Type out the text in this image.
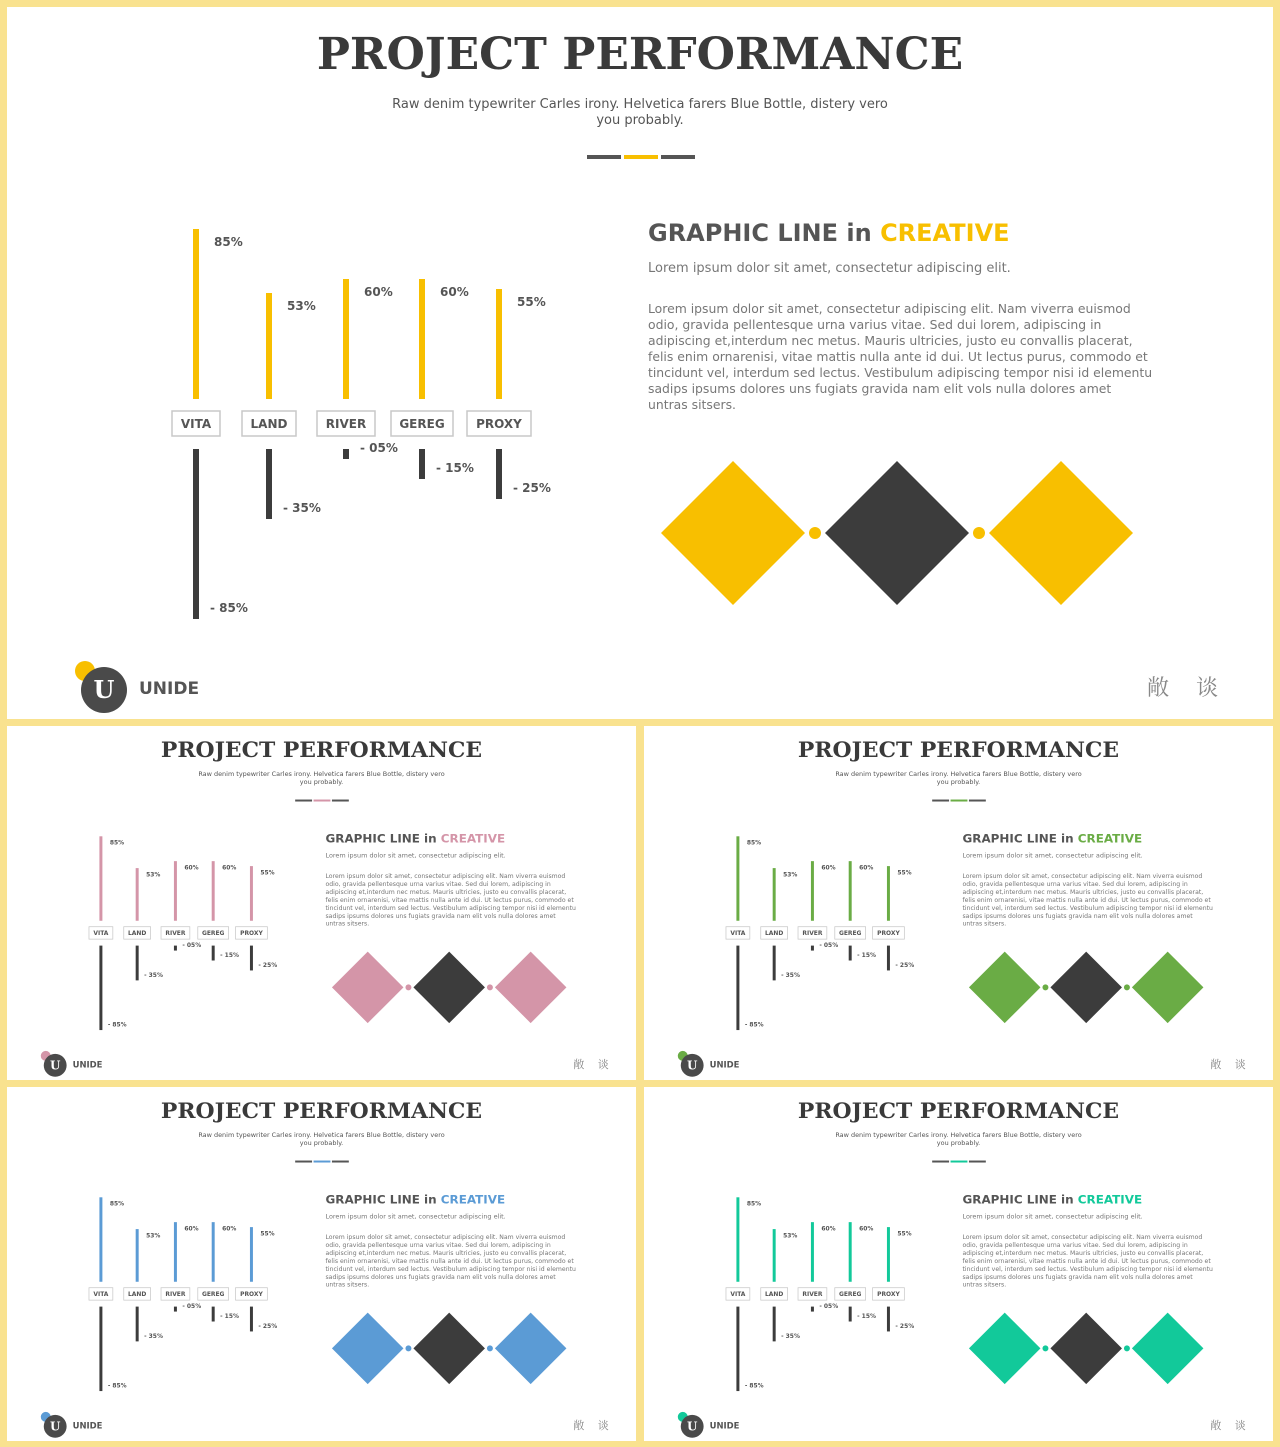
PROJECT PERFORMANCE
Raw denim typewriter Carles irony. Helvetica farers Blue Bottle, distery vero you probably.
85%
VITA
- 85%
53%
LAND
- 35%
60%
RIVER
- 05%
60%
GEREG
- 15%
55%
PROXY
- 25%
GRAPHIC LINE in CREATIVE
Lorem ipsum dolor sit amet, consectetur adipiscing elit.
Lorem ipsum dolor sit amet, consectetur adipiscing elit. Nam viverra euismod odio, gravida pellentesque urna varius vitae. Sed dui lorem, adipiscing in adipiscing et,interdum nec metus. Mauris ultricies, justo eu convallis placerat, felis enim ornarenisi, vitae mattis nulla ante id dui. Ut lectus purus, commodo et tincidunt vel, interdum sed lectus. Vestibulum adipiscing tempor nisi id elementu sadips ipsums dolores uns fugiats gravida nam elit vols nulla dolores amet untras sitsers.
U	UNIDE	敞 谈
PROJECT PERFORMANCE
Raw denim typewriter Carles irony. Helvetica farers Blue Bottle, distery vero you probably.
85%
VITA
- 85%
53%
LAND
- 35%
60%
RIVER
- 05%
60%
GEREG
- 15%
55%
PROXY
- 25%
GRAPHIC LINE in CREATIVE
Lorem ipsum dolor sit amet, consectetur adipiscing elit.
Lorem ipsum dolor sit amet, consectetur adipiscing elit. Nam viverra euismod odio, gravida pellentesque urna varius vitae. Sed dui lorem, adipiscing in adipiscing et,interdum nec metus. Mauris ultricies, justo eu convallis placerat, felis enim ornarenisi, vitae mattis nulla ante id dui. Ut lectus purus, commodo et tincidunt vel, interdum sed lectus. Vestibulum adipiscing tempor nisi id elementu sadips ipsums dolores uns fugiats gravida nam elit vols nulla dolores amet untras sitsers.
U UNIDE	敞 谈
PROJECT PERFORMANCE
Raw denim typewriter Carles irony. Helvetica farers Blue Bottle, distery vero you probably.
85%
VITA
- 85%
53%
LAND
- 35%
60%
RIVER
- 05%
60%
GEREG
- 15%
55%
PROXY
- 25%
GRAPHIC LINE in CREATIVE
Lorem ipsum dolor sit amet, consectetur adipiscing elit.
Lorem ipsum dolor sit amet, consectetur adipiscing elit. Nam viverra euismod odio, gravida pellentesque urna varius vitae. Sed dui lorem, adipiscing in adipiscing et,interdum nec metus. Mauris ultricies, justo eu convallis placerat, felis enim ornarenisi, vitae mattis nulla ante id dui. Ut lectus purus, commodo et tincidunt vel, interdum sed lectus. Vestibulum adipiscing tempor nisi id elementu sadips ipsums dolores uns fugiats gravida nam elit vols nulla dolores amet untras sitsers.
U UNIDE	敞 谈
PROJECT PERFORMANCE
Raw denim typewriter Carles irony. Helvetica farers Blue Bottle, distery vero you probably.
85%
VITA
- 85%
53%
LAND
- 35%
60%
RIVER
- 05%
60%
GEREG
- 15%
55%
PROXY
- 25%
GRAPHIC LINE in CREATIVE
Lorem ipsum dolor sit amet, consectetur adipiscing elit.
Lorem ipsum dolor sit amet, consectetur adipiscing elit. Nam viverra euismod odio, gravida pellentesque urna varius vitae. Sed dui lorem, adipiscing in adipiscing et,interdum nec metus. Mauris ultricies, justo eu convallis placerat, felis enim ornarenisi, vitae mattis nulla ante id dui. Ut lectus purus, commodo et tincidunt vel, interdum sed lectus. Vestibulum adipiscing tempor nisi id elementu sadips ipsums dolores uns fugiats gravida nam elit vols nulla dolores amet untras sitsers.
U UNIDE	敞 谈
PROJECT PERFORMANCE
Raw denim typewriter Carles irony. Helvetica farers Blue Bottle, distery vero you probably.
85%
VITA
- 85%
53%
LAND
- 35%
60%
RIVER
- 05%
60%
GEREG
- 15%
55%
PROXY
- 25%
GRAPHIC LINE in CREATIVE
Lorem ipsum dolor sit amet, consectetur adipiscing elit.
Lorem ipsum dolor sit amet, consectetur adipiscing elit. Nam viverra euismod odio, gravida pellentesque urna varius vitae. Sed dui lorem, adipiscing in adipiscing et,interdum nec metus. Mauris ultricies, justo eu convallis placerat, felis enim ornarenisi, vitae mattis nulla ante id dui. Ut lectus purus, commodo et tincidunt vel, interdum sed lectus. Vestibulum adipiscing tempor nisi id elementu sadips ipsums dolores uns fugiats gravida nam elit vols nulla dolores amet untras sitsers.
U UNIDE	敞 谈
